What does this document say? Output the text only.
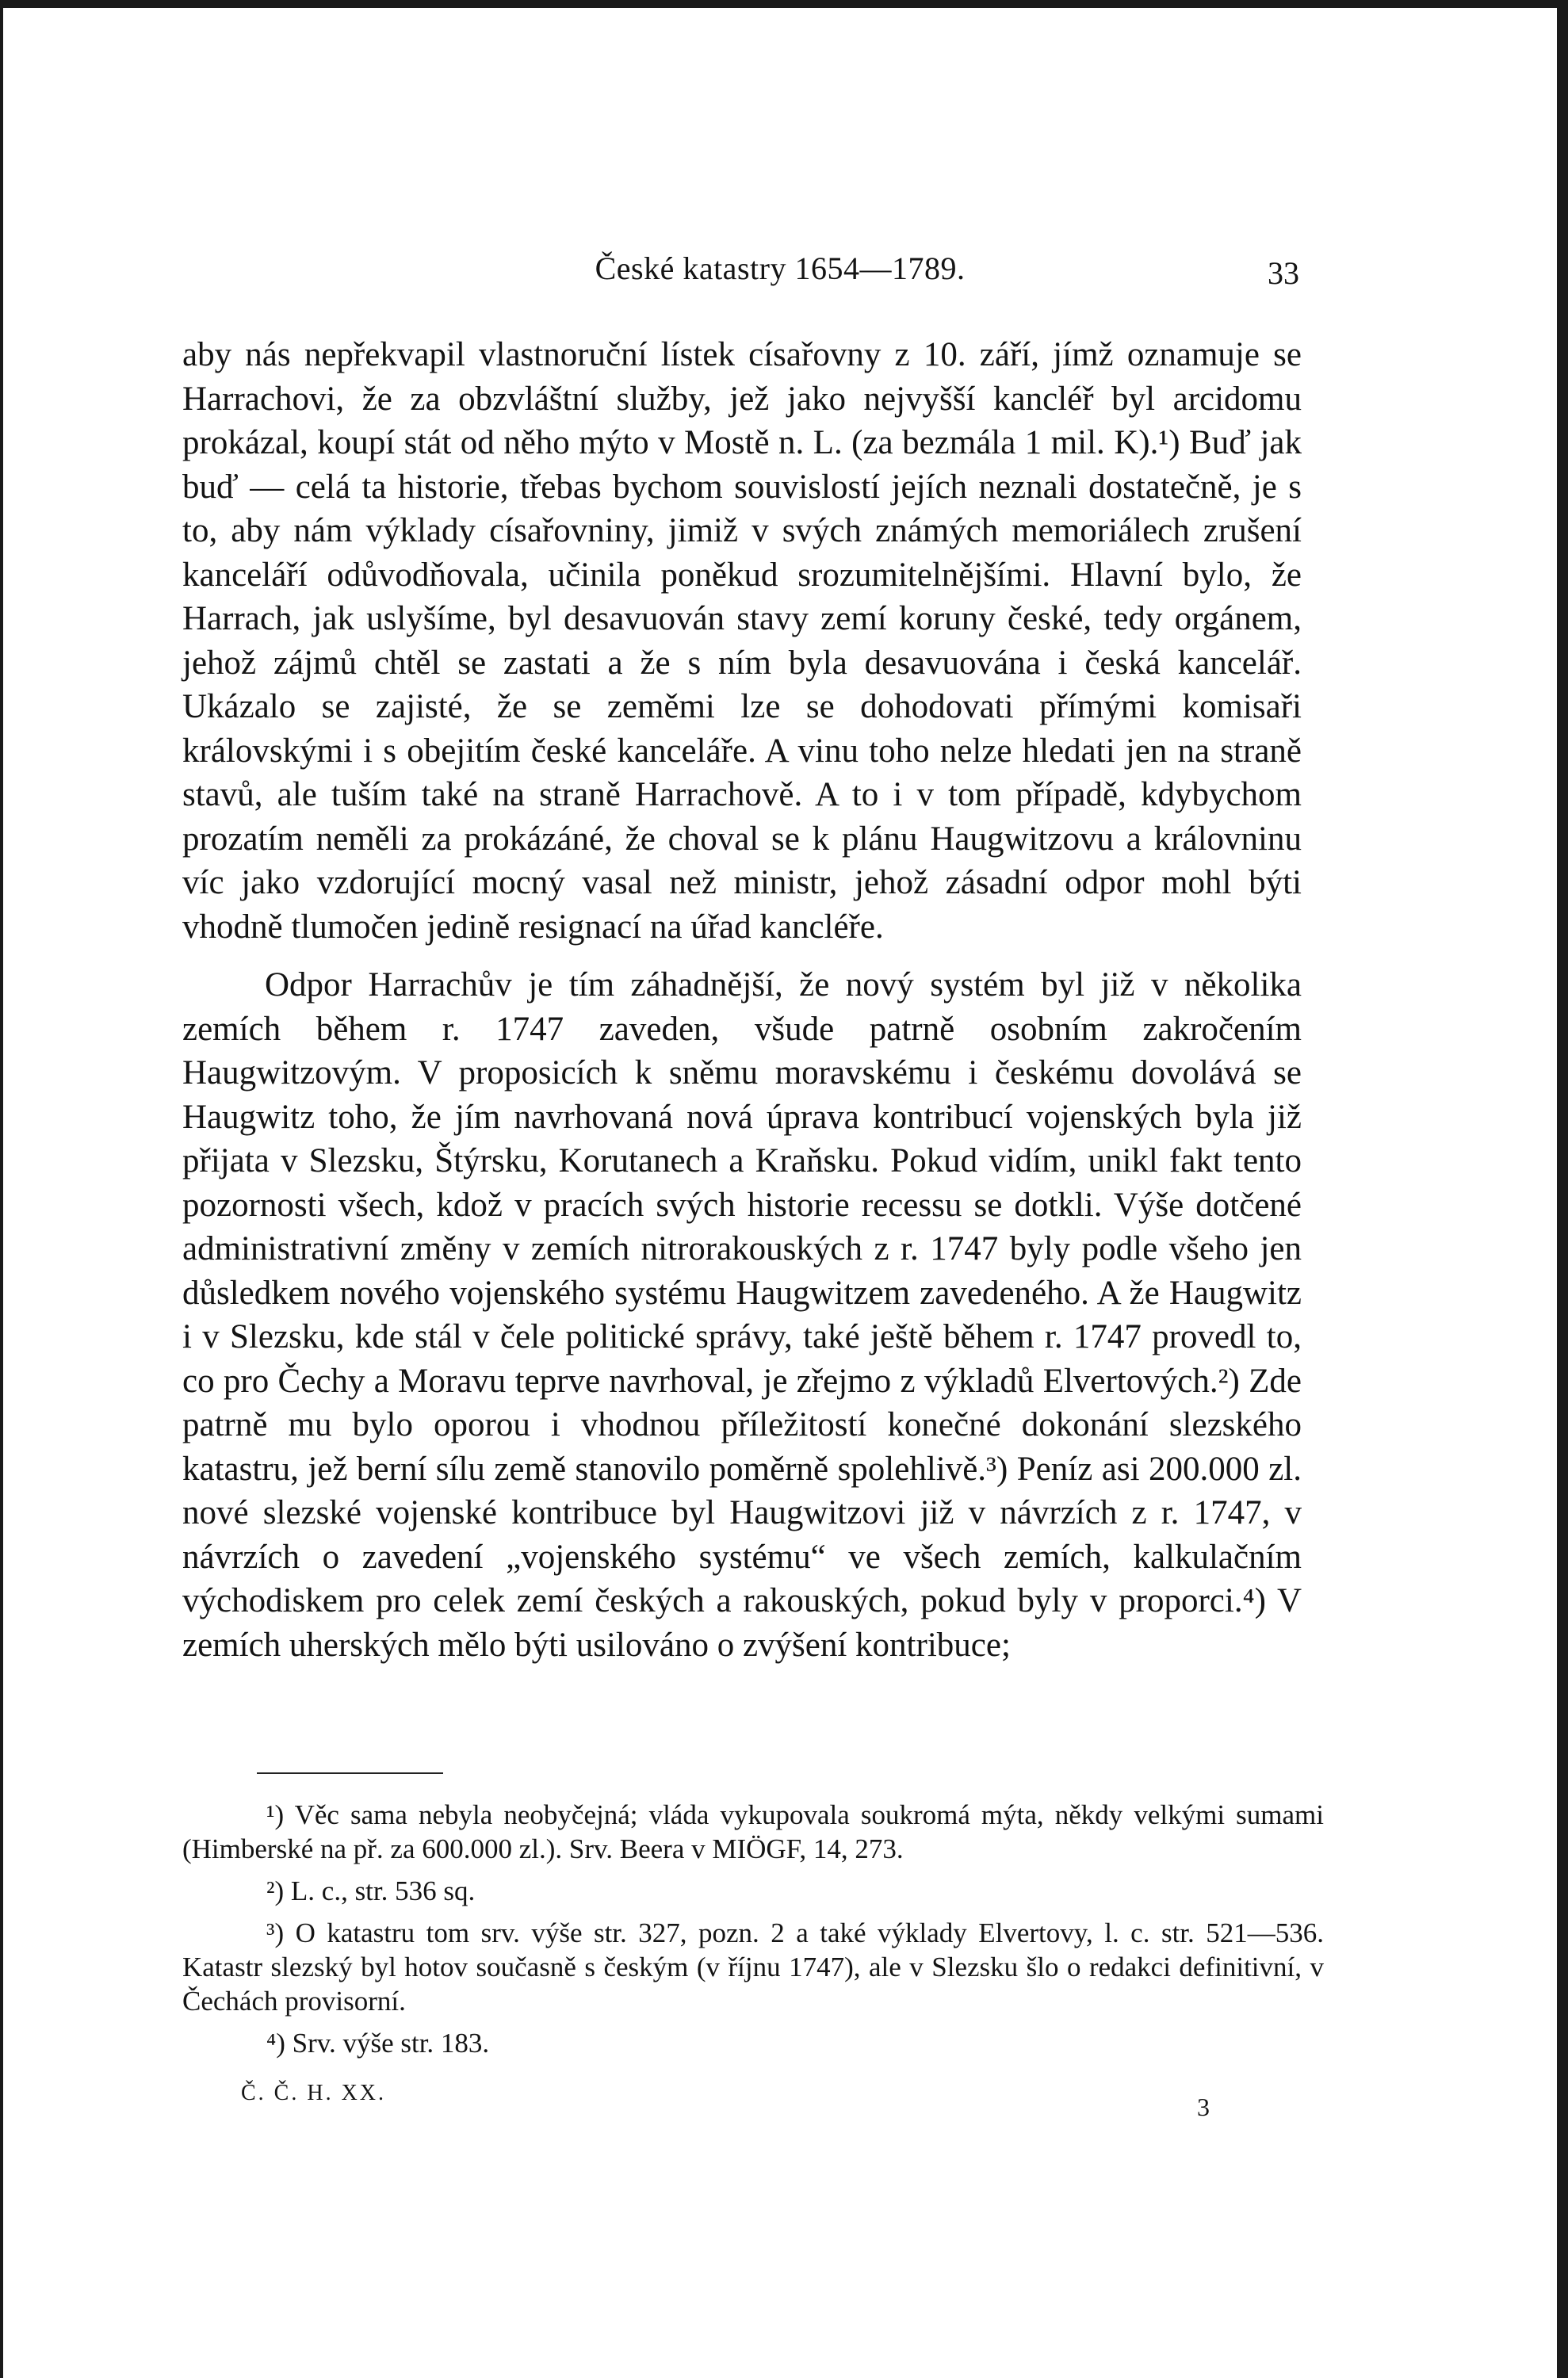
České katastry 1654—1789.	33

aby nás nepřekvapil vlastnoruční lístek císařovny z 10. září, jímž oznamuje se Harrachovi, že za obzvláštní služby, jež jako nejvyšší kancléř byl arcidomu prokázal, koupí stát od něho mýto v Mostě n. L. (za bezmála 1 mil. K).¹) Buď jak buď — celá ta historie, třebas bychom souvislostí jejích neznali dostatečně, je s to, aby nám výklady císařovniny, jimiž v svých známých memoriálech zrušení kanceláří odůvodňovala, učinila poněkud srozumitelnějšími. Hlavní bylo, že Harrach, jak uslyšíme, byl desavuován stavy zemí koruny české, tedy orgánem, jehož zájmů chtěl se zastati a že s ním byla desavuována i česká kancelář. Ukázalo se zajisté, že se zeměmi lze se dohodovati přímými komisaři královskými i s obejitím české kanceláře. A vinu toho nelze hledati jen na straně stavů, ale tuším také na straně Harrachově. A to i v tom případě, kdybychom prozatím neměli za prokázáné, že choval se k plánu Haugwitzovu a královninu víc jako vzdorující mocný vasal než ministr, jehož zásadní odpor mohl býti vhodně tlumočen jedině resignací na úřad kancléře.

Odpor Harrachův je tím záhadnější, že nový systém byl již v několika zemích během r. 1747 zaveden, všude patrně osobním zakročením Haugwitzovým. V proposicích k sněmu moravskému i českému dovolává se Haugwitz toho, že jím navrhovaná nová úprava kontribucí vojenských byla již přijata v Slezsku, Štýrsku, Korutanech a Kraňsku. Pokud vidím, unikl fakt tento pozornosti všech, kdož v pracích svých historie recessu se dotkli. Výše dotčené administrativní změny v zemích nitrorakouských z r. 1747 byly podle všeho jen důsledkem nového vojenského systému Haugwitzem zavedeného. A že Haugwitz i v Slezsku, kde stál v čele politické správy, také ještě během r. 1747 provedl to, co pro Čechy a Moravu teprve navrhoval, je zřejmo z výkladů Elvertových.²) Zde patrně mu bylo oporou i vhodnou příležitostí konečné dokonání slezského katastru, jež berní sílu země stanovilo poměrně spolehlivě.³) Peníz asi 200.000 zl. nové slezské vojenské kontribuce byl Haugwitzovi již v návrzích z r. 1747, v návrzích o zavedení „vojenského systému“ ve všech zemích, kalkulačním východiskem pro celek zemí českých a rakouských, pokud byly v proporci.⁴) V zemích uherských mělo býti usilováno o zvýšení kontribuce;

¹) Věc sama nebyla neobyčejná; vláda vykupovala soukromá mýta, někdy velkými sumami (Himberské na př. za 600.000 zl.). Srv. Beera v MIÖGF, 14, 273.

²) L. c., str. 536 sq.

³) O katastru tom srv. výše str. 327, pozn. 2 a také výklady Elvertovy, l. c. str. 521—536. Katastr slezský byl hotov současně s českým (v říjnu 1747), ale v Slezsku šlo o redakci definitivní, v Čechách provisorní.

⁴) Srv. výše str. 183.

Č. Č. H. XX.	3
